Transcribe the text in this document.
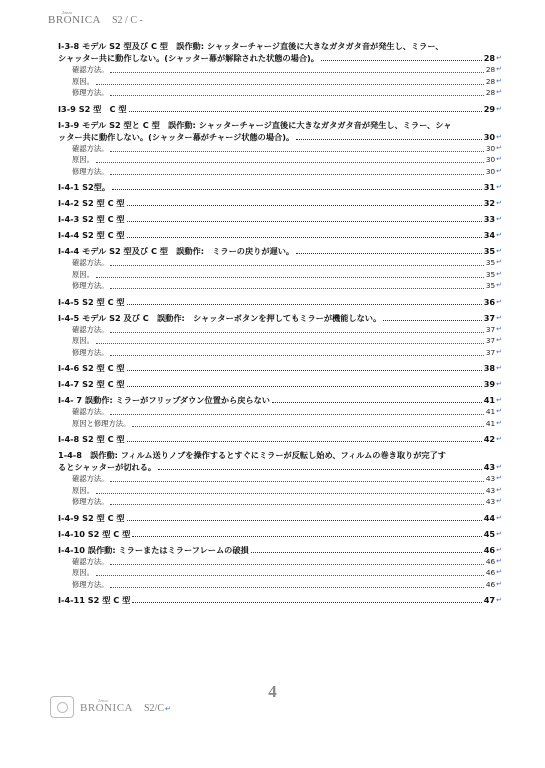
Zenza
BRONICA S2 / C -
I-3-8 モデル S2 型及び C 型　誤作動: シャッターチャージ直後に大きなガタガタ音が発生し、ミラー、
シャッター共に動作しない。(シャッター幕が解除された状態の場合)。	28 ↵
確認方法。	28 ↵
原因。	28 ↵
修理方法。	28 ↵
I3-9 S2 型　C 型	29 ↵
I-3-9 モデル S2 型と C 型　誤作動: シャッターチャージ直後に大きなガタガタ音が発生し、ミラー、シャ
ッター共に動作しない。(シャッター幕がチャージ状態の場合)。	30 ↵
確認方法。	30 ↵
原因。	30 ↵
修理方法。	30 ↵
I-4-1 S2型。	31 ↵
I-4-2 S2 型 C 型	32 ↵
I-4-3 S2 型 C 型	33 ↵
I-4-4 S2 型 C 型	34 ↵
I-4-4 モデル S2 型及び C 型　誤動作:　ミラーの戻りが遅い。	35 ↵
確認方法。	35 ↵
原因。	35 ↵
修理方法。	35 ↵
I-4-5 S2 型 C 型	36 ↵
I-4-5 モデル S2 及び C　誤動作:　シャッターボタンを押してもミラーが機能しない。	37 ↵
確認方法。	37 ↵
原因。	37 ↵
修理方法。	37 ↵
I-4-6 S2 型 C 型	38 ↵
I-4-7 S2 型 C 型	39 ↵
I-4- 7 誤動作: ミラーがフリップダウン位置から戻らない	41 ↵
確認方法。	41 ↵
原因と修理方法。	41 ↵
I-4-8 S2 型 C 型	42 ↵
1-4-8　誤作動: フィルム送りノブを操作するとすぐにミラーが反転し始め、フィルムの巻き取りが完了す
るとシャッターが切れる。	43 ↵
確認方法。	43 ↵
原因。	43 ↵
修理方法。	43 ↵
I-4-9 S2 型 C 型	44 ↵
I-4-10 S2 型 C 型	45 ↵
I-4-10 誤作動: ミラーまたはミラーフレームの破損	46 ↵
確認方法。	46 ↵
原因。	46 ↵
修理方法。	46 ↵
I-4-11 S2 型 C 型	47 ↵
4
Zenza
BRONICA S2/C↵
